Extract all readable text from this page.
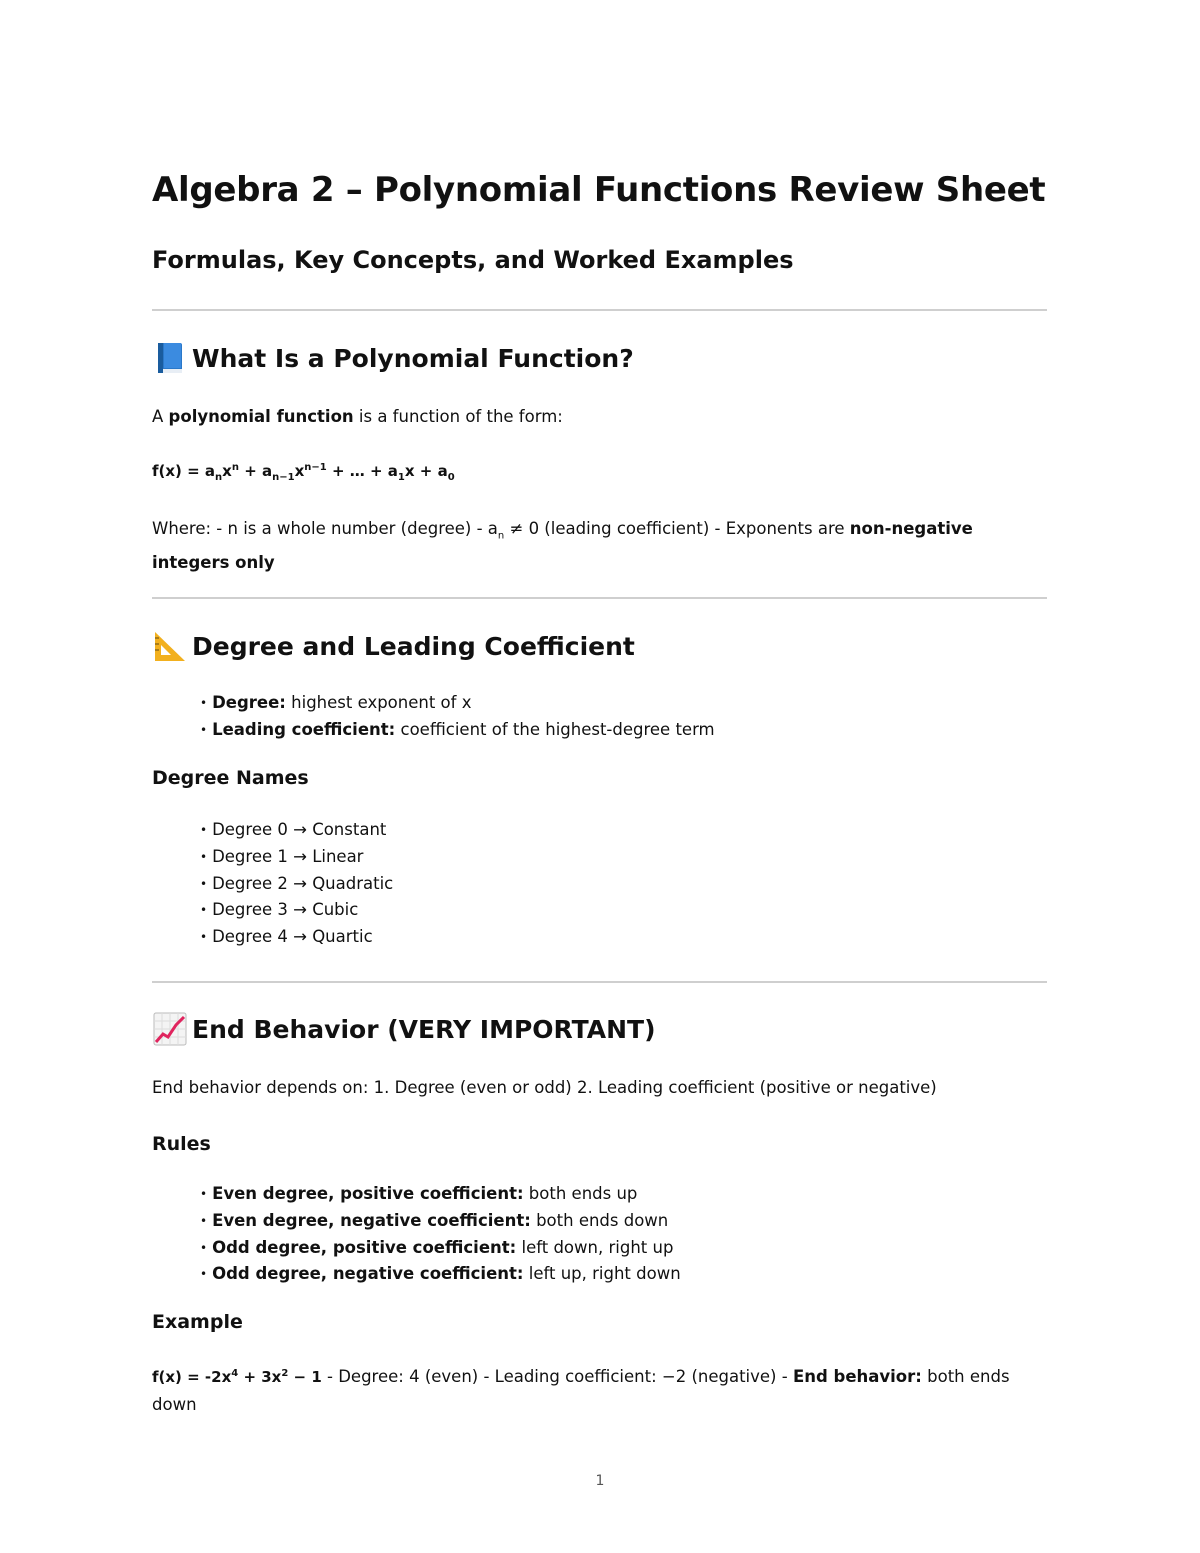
Algebra 2 – Polynomial Functions Review Sheet
Formulas, Key Concepts, and Worked Examples
What Is a Polynomial Function?
A polynomial function is a function of the form:
$f(x) = a_nx^n + a_{n-1}x^{n-1}$ + … + $a_1x + a_0$
Where: - n is a whole number (degree) - $a_n \ne 0$ (leading coefficient) - Exponents are non-negative integers only
Degree and Leading Coefficient
• Degree: highest exponent of x
• Leading coefficient: coefficient of the highest-degree term
Degree Names
• Degree 0 → Constant
• Degree 1 → Linear
• Degree 2 → Quadratic
• Degree 3 → Cubic
• Degree 4 → Quartic
End Behavior (VERY IMPORTANT)
End behavior depends on: 1. Degree (even or odd) 2. Leading coefficient (positive or negative)
Rules
• Even degree, positive coefficient: both ends up
• Even degree, negative coefficient: both ends down
• Odd degree, positive coefficient: left down, right up
• Odd degree, negative coefficient: left up, right down
Example
$f(x) = -2x^4 + 3x^2 - 1$ - Degree: 4 (even) - Leading coefficient: −2 (negative) - End behavior: both ends down
1
